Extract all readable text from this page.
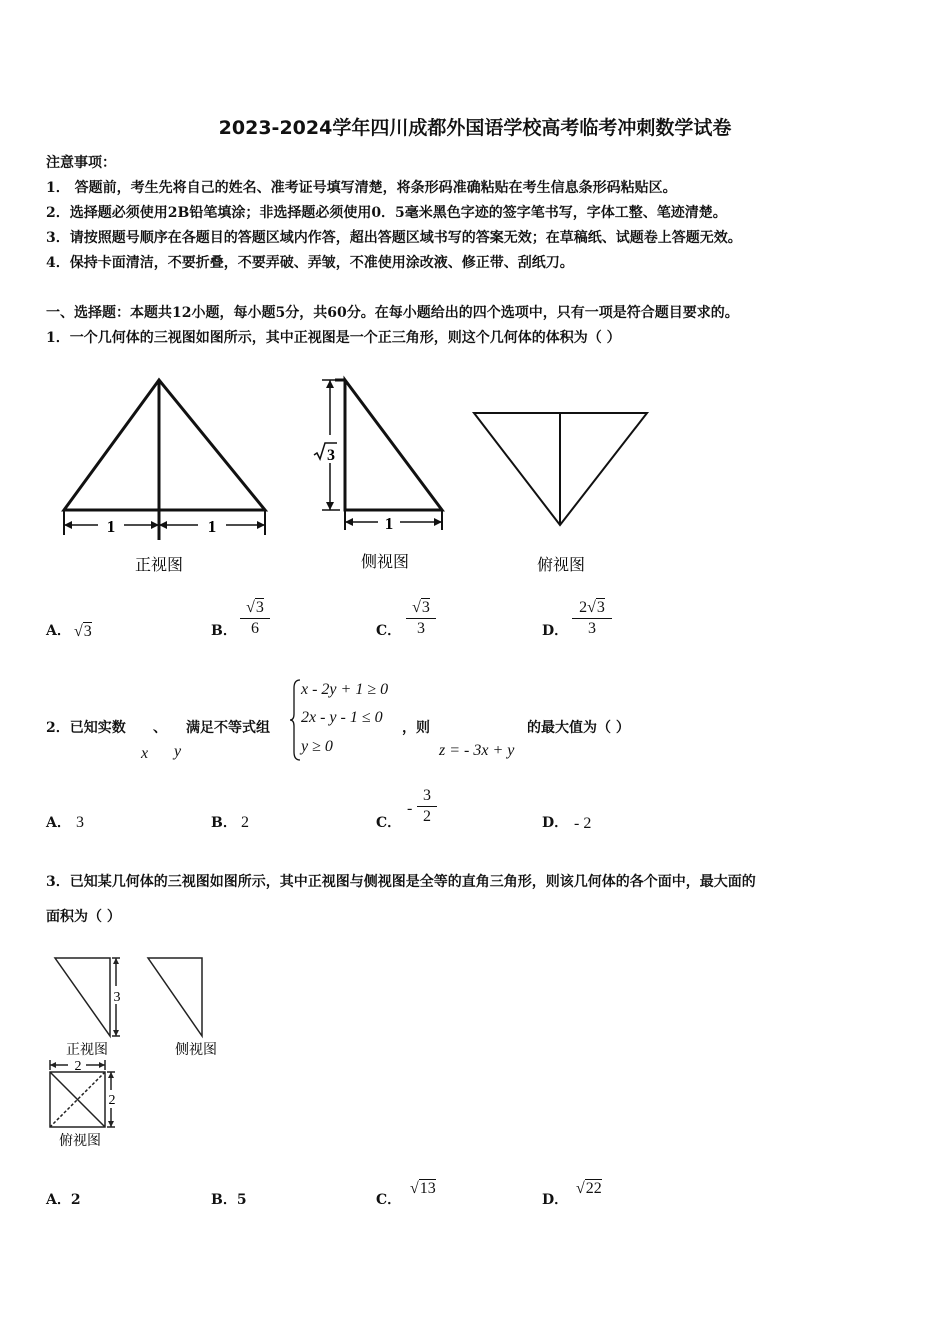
2023-2024学年四川成都外国语学校高考临考冲刺数学试卷
注意事项：
1． 答题前，考生先将自己的姓名、准考证号填写清楚，将条形码准确粘贴在考生信息条形码粘贴区。
2．选择题必须使用2B铅笔填涂；非选择题必须使用0．5毫米黑色字迹的签字笔书写，字体工整、笔迹清楚。
3．请按照题号顺序在各题目的答题区域内作答，超出答题区域书写的答案无效；在草稿纸、试题卷上答题无效。
4．保持卡面清洁，不要折叠，不要弄破、弄皱，不准使用涂改液、修正带、刮纸刀。
一、选择题：本题共12小题，每小题5分，共60分。在每小题给出的四个选项中，只有一项是符合题目要求的。
1．一个几何体的三视图如图所示，其中正视图是一个正三角形，则这个几何体的体积为（ ）
1	1
正视图
3
1
侧视图	俯视图
A． √3	B． $\frac{√3}{6}$	C． $\frac{√3}{3}$	D． $\frac{2√3}{3}$
2．已知实数 、 满足不等式组
x y
x - 2y + 1 ≥ 0
2x - y - 1 ≤ 0
y ≥ 0
，则
z = - 3x + y
的最大值为（ ）
A． 3	B． 2	C．
- $\frac{3}{2}$	D． - 2
3．已知某几何体的三视图如图所示，其中正视图与侧视图是全等的直角三角形，则该几何体的各个面中，最大面的
面积为（ ）
3
2
2
正视图	侧视图
俯视图
A．2	B．5	C．
√13
D．
√22
